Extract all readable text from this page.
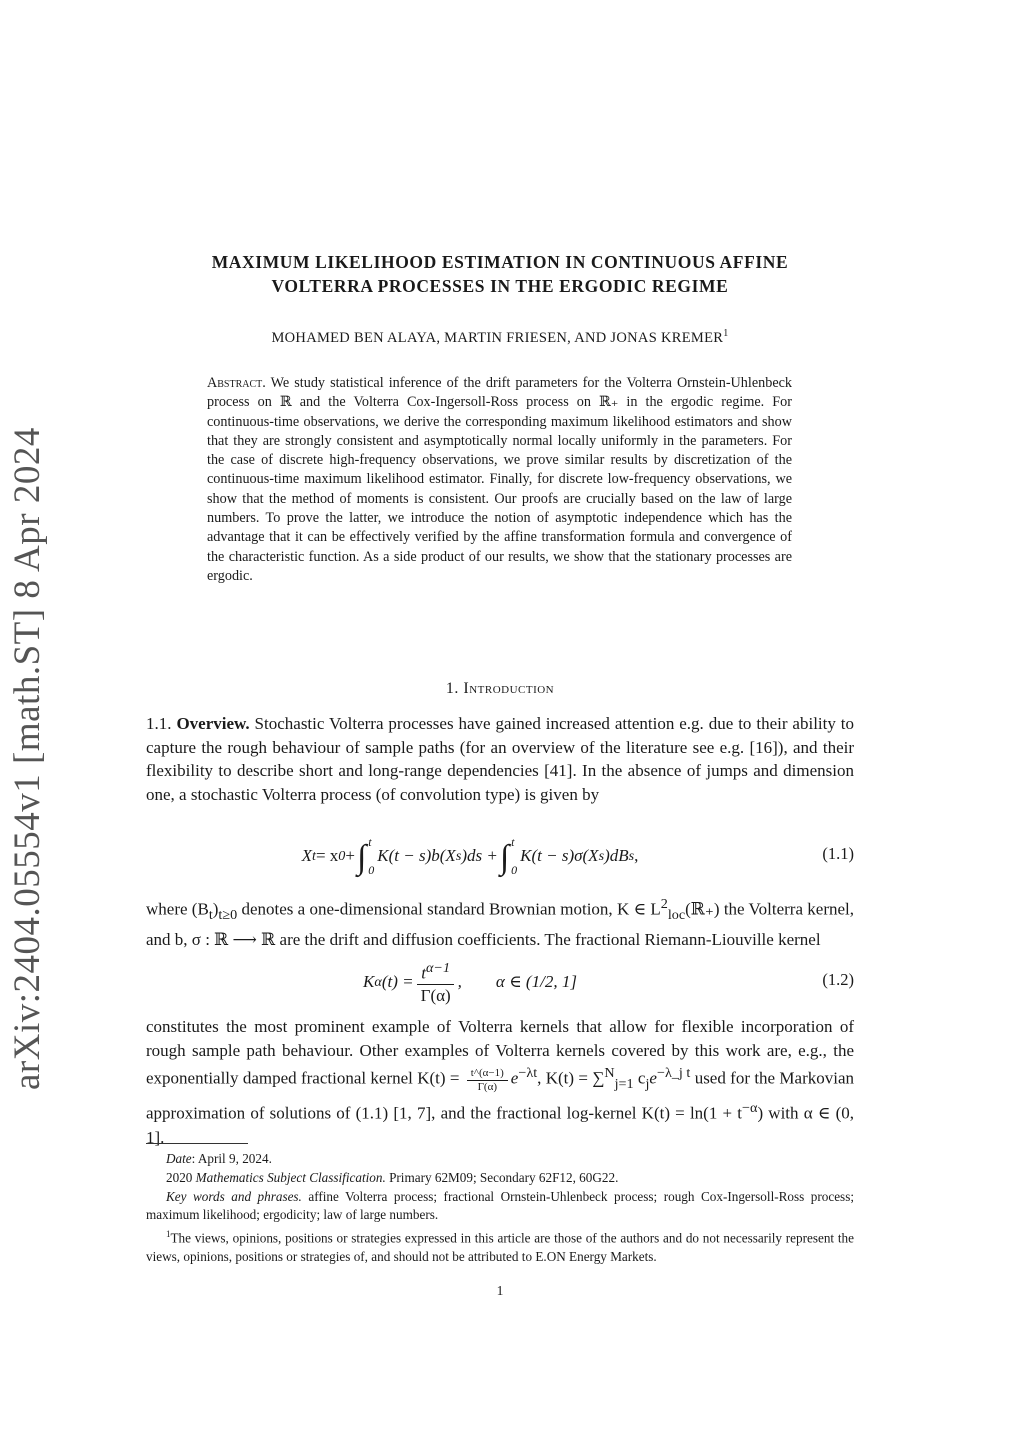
arXiv:2404.05554v1 [math.ST] 8 Apr 2024
MAXIMUM LIKELIHOOD ESTIMATION IN CONTINUOUS AFFINE
VOLTERRA PROCESSES IN THE ERGODIC REGIME
MOHAMED BEN ALAYA, MARTIN FRIESEN, AND JONAS KREMER$^1$
Abstract. We study statistical inference of the drift parameters for the Volterra Ornstein-Uhlenbeck process on ℝ and the Volterra Cox-Ingersoll-Ross process on ℝ₊ in the ergodic regime. For continuous-time observations, we derive the corresponding maximum likelihood estimators and show that they are strongly consistent and asymptotically normal locally uniformly in the parameters. For the case of discrete high-frequency observations, we prove similar results by discretization of the continuous-time maximum likelihood estimator. Finally, for discrete low-frequency observations, we show that the method of moments is consistent. Our proofs are crucially based on the law of large numbers. To prove the latter, we introduce the notion of asymptotic independence which has the advantage that it can be effectively verified by the affine transformation formula and convergence of the characteristic function. As a side product of our results, we show that the stationary processes are ergodic.
1. Introduction
1.1. Overview. Stochastic Volterra processes have gained increased attention e.g. due to their ability to capture the rough behaviour of sample paths (for an overview of the literature see e.g. [16]), and their flexibility to describe short and long-range dependencies [41]. In the absence of jumps and dimension one, a stochastic Volterra process (of convolution type) is given by
X t = x 0 + ∫ t
0
K(t − s)b(X s )ds + ∫ t
0
K(t − s)σ(X s )dB s ,	(1.1)
where $(B_t)_{t\ge 0}$ denotes a one-dimensional standard Brownian motion, K ∈ $L^2_{loc}(ℝ_+)$ the Volterra kernel, and b, σ : ℝ ⟶ ℝ are the drift and diffusion coefficients. The fractional Riemann-Liouville kernel
K α $(t) = \frac{t^{\alpha-1}}{\Gamma(\alpha)}$ ,        α ∈ (1/2, 1]	(1.2)
constitutes the most prominent example of Volterra kernels that allow for flexible incorporation of rough sample path behaviour. Other examples of Volterra kernels covered by this work are, e.g., the exponentially damped fractional kernel $K(t) = \frac{t\^{}(\alpha-1)}{\Gamma(\alpha)} e^{-\lambda t}$, K(t) = ∑$^N_{j=1}$ $c_je^{-\lambda\_j t}$ used for the Markovian approximation of solutions of (1.1) [1, 7], and the fractional log-kernel $K(t) = \ln(1 + t^{-\alpha})$ with α ∈ (0, 1].

Date: April 9, 2024.

2020 Mathematics Subject Classification. Primary 62M09; Secondary 62F12, 60G22.

Key words and phrases. affine Volterra process; fractional Ornstein-Uhlenbeck process; rough Cox-Ingersoll-Ross process; maximum likelihood; ergodicity; law of large numbers.

$^1$The views, opinions, positions or strategies expressed in this article are those of the authors and do not necessarily represent the views, opinions, positions or strategies of, and should not be attributed to E.ON Energy Markets.

1
